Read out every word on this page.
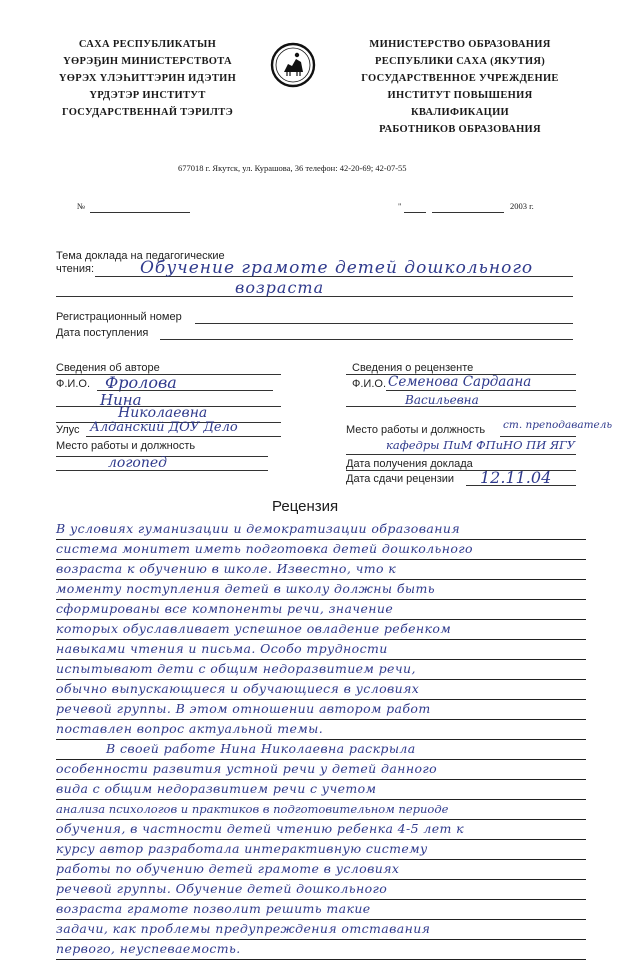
САХА РЕСПУБЛИКАТЫН
ҮӨРЭҔИН МИНИСТЕРСТВОТА
ҮӨРЭХ ҮЛЭҺИТТЭРИН ИДЭТИН
ҮРДЭТЭР ИНСТИТУТ
ГОСУДАРСТВЕННАЙ ТЭРИЛТЭ
МИНИСТЕРСТВО ОБРАЗОВАНИЯ
РЕСПУБЛИКИ САХА (ЯКУТИЯ)
ГОСУДАРСТВЕННОЕ УЧРЕЖДЕНИЕ
ИНСТИТУТ ПОВЫШЕНИЯ
КВАЛИФИКАЦИИ
РАБОТНИКОВ ОБРАЗОВАНИЯ
677018 г. Якутск, ул. Курашова, 36 телефон: 42-20-69; 42-07-55
№	"	2003 г.
Тема доклада на педагогические
чтения:	Обучение грамоте детей дошкольного
возраста
Регистрационный номер
Дата поступления
Сведения об авторе
Ф.И.О. Фролова
Нина
Николаевна
Улус Алданский ДОУ Дело
Место работы и должность
логопед
Сведения о рецензенте
Ф.И.О. Семенова Сардаана
Васильевна
Место работы и должность ст. преподаватель
кафедры ПиМ ФПиНО ПИ ЯГУ
Дата получения доклада
Дата сдачи рецензии 12.11.04
Рецензия
В условиях гуманизации и демократизации образования
система монитет иметь подготовка детей дошкольного
возраста к обучению в школе. Известно, что к
моменту поступления детей в школу должны быть
сформированы все компоненты речи, значение
которых обуславливает успешное овладение ребенком
навыками чтения и письма. Особо трудности
испытывают дети с общим недоразвитием речи,
обычно выпускающиеся и обучающиеся в условиях
речевой группы. В этом отношении автором работ
поставлен вопрос актуальной темы.
В своей работе Нина Николаевна раскрыла
особенности развития устной речи у детей данного
вида с общим недоразвитием речи с учетом
анализа психологов и практиков в подготовительном периоде
обучения, в частности детей чтению ребенка 4-5 лет к
курсу автор разработала интерактивную систему
работы по обучению детей грамоте в условиях
речевой группы. Обучение детей дошкольного
возраста грамоте позволит решить такие
задачи, как проблемы предупреждения отставания
первого, неуспеваемость.
